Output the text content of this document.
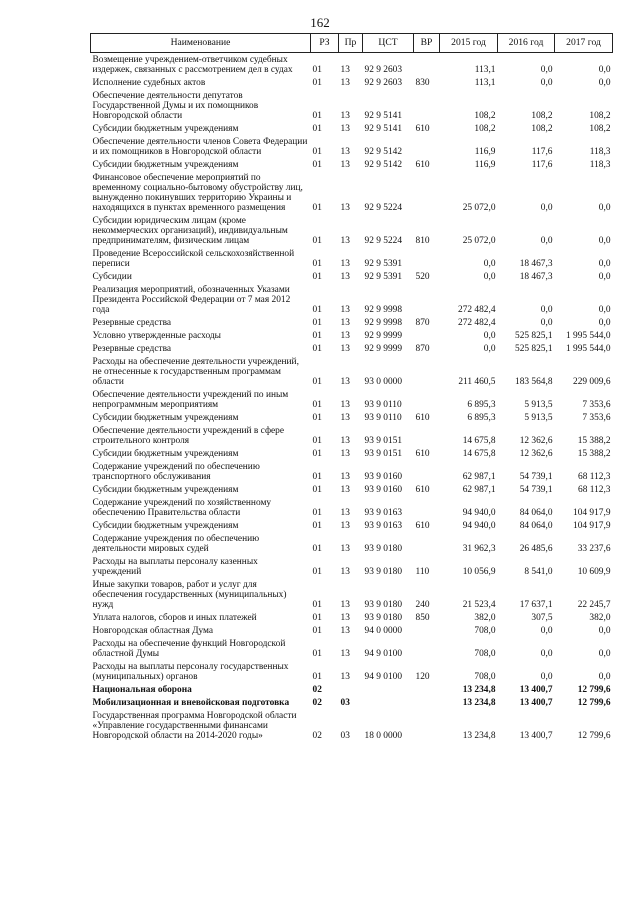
162
Наименование	РЗ	Пр	ЦСТ	ВР	2015 год	2016 год	2017 год
Возмещение учреждением-ответчиком судебных издержек, связанных с рассмотрением дел в судах	01	13	92 9 2603		113,1	0,0	0,0
Исполнение судебных актов	01	13	92 9 2603	830	113,1	0,0	0,0
Обеспечение деятельности депутатов Государственной Думы и их помощников Новгородской области	01	13	92 9 5141		108,2	108,2	108,2
Субсидии бюджетным учреждениям	01	13	92 9 5141	610	108,2	108,2	108,2
Обеспечение деятельности членов Совета Федерации и их помощников в Новгородской области	01	13	92 9 5142		116,9	117,6	118,3
Субсидии бюджетным учреждениям	01	13	92 9 5142	610	116,9	117,6	118,3
Финансовое обеспечение мероприятий по временному социально-бытовому обустройству лиц, вынужденно покинувших территорию Украины и находящихся в пунктах временного размещения	01	13	92 9 5224		25 072,0	0,0	0,0
Субсидии юридическим лицам (кроме некоммерческих организаций), индивидуальным предпринимателям, физическим лицам	01	13	92 9 5224	810	25 072,0	0,0	0,0
Проведение Всероссийской сельскохозяйственной переписи	01	13	92 9 5391		0,0	18 467,3	0,0
Субсидии	01	13	92 9 5391	520	0,0	18 467,3	0,0
Реализация мероприятий, обозначенных Указами Президента Российской Федерации от 7 мая 2012 года	01	13	92 9 9998		272 482,4	0,0	0,0
Резервные средства	01	13	92 9 9998	870	272 482,4	0,0	0,0
Условно утвержденные расходы	01	13	92 9 9999		0,0	525 825,1	1 995 544,0
Резервные средства	01	13	92 9 9999	870	0,0	525 825,1	1 995 544,0
Расходы на обеспечение деятельности учреждений, не отнесенные к государственным программам области	01	13	93 0 0000		211 460,5	183 564,8	229 009,6
Обеспечение деятельности учреждений по иным непрограммным мероприятиям	01	13	93 9 0110		6 895,3	5 913,5	7 353,6
Субсидии бюджетным учреждениям	01	13	93 9 0110	610	6 895,3	5 913,5	7 353,6
Обеспечение деятельности учреждений в сфере строительного контроля	01	13	93 9 0151		14 675,8	12 362,6	15 388,2
Субсидии бюджетным учреждениям	01	13	93 9 0151	610	14 675,8	12 362,6	15 388,2
Содержание учреждений по обеспечению транспортного обслуживания	01	13	93 9 0160		62 987,1	54 739,1	68 112,3
Субсидии бюджетным учреждениям	01	13	93 9 0160	610	62 987,1	54 739,1	68 112,3
Содержание учреждений по хозяйственному обеспечению Правительства области	01	13	93 9 0163		94 940,0	84 064,0	104 917,9
Субсидии бюджетным учреждениям	01	13	93 9 0163	610	94 940,0	84 064,0	104 917,9
Содержание учреждения по обеспечению деятельности мировых судей	01	13	93 9 0180		31 962,3	26 485,6	33 237,6
Расходы на выплаты персоналу казенных учреждений	01	13	93 9 0180	110	10 056,9	8 541,0	10 609,9
Иные закупки товаров, работ и услуг для обеспечения государственных (муниципальных) нужд	01	13	93 9 0180	240	21 523,4	17 637,1	22 245,7
Уплата налогов, сборов и иных платежей	01	13	93 9 0180	850	382,0	307,5	382,0
Новгородская областная Дума	01	13	94 0 0000		708,0	0,0	0,0
Расходы на обеспечение функций Новгородской областной Думы	01	13	94 9 0100		708,0	0,0	0,0
Расходы на выплаты персоналу государственных (муниципальных) органов	01	13	94 9 0100	120	708,0	0,0	0,0
Национальная оборона	02				13 234,8	13 400,7	12 799,6
Мобилизационная и вневойсковая подготовка	02	03			13 234,8	13 400,7	12 799,6
Государственная программа Новгородской области «Управление государственными финансами Новгородской области на 2014-2020 годы»	02	03	18 0 0000		13 234,8	13 400,7	12 799,6
